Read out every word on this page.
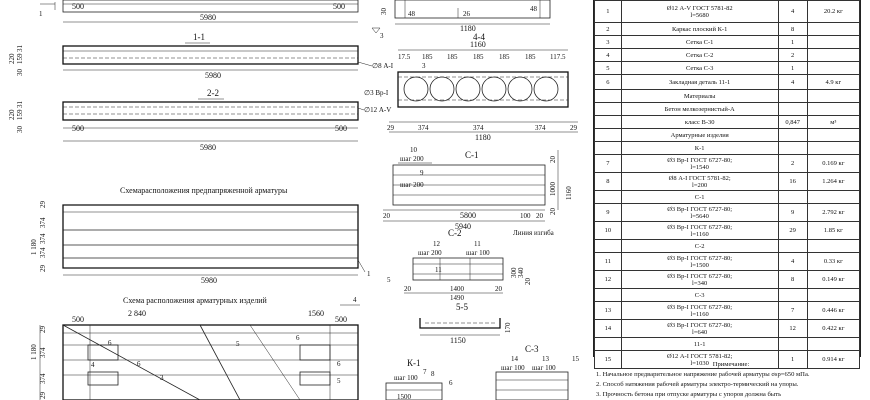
500	500
5980
1	48	26
48
30
1180
3
1-1
220
31
159
30	5980
∅8 А-I
2-2
220
31
159
30	500	500
5980
∅3 Вр-I
∅12 А-V
4-4
1160
17.5 185 185 185 185 185 117.5
3
29	374	374	374	29
1180
С-1
10
шаг 200
9
шаг 200
20	5800	100 20
5940
20
1000
20
1160
С-2
12	11
шаг 200	шаг 100
Линия изгиба
11
5
20	1400	20
1490
300 340
20
5-5
1150
170
К-1
8
7
шаг 100
6
1500
С-3
14	13
шаг 100 шаг 100
15
Схемарасположения предпапряженной арматуры
1
29
374
374
374
29
1 180
5980
Схема расположения арматурных изделий	4
2 840	1560
500	500
6
6
4
3
5
6
6
5
1 180
29
374
374
29
1	Ø12 А-V ГОСТ 5781-82
l=5680	4	20.2 кг
2	Каркас плоский К-1	8	
3	Сетка С-1	1	
4	Сетка С-2	2	
5	Сетка С-3	1	
6	Закладная деталь 11-1	4	4.9 кг
	Материалы		
	Бетон мелкозернистый-А		
	класс В-30	0,847	м³
	Арматурные изделия		
	К-1		
7	Ø3 Вр-I ГОСТ 6727-80;
l=1540	2	0.169 кг
8	Ø8 А-I ГОСТ 5781-82;
l=200	16	1.264 кг
	С-1		
9	Ø3 Вр-I ГОСТ 6727-80;
l=5640	9	2.792 кг
10	Ø3 Вр-I ГОСТ 6727-80;
l=1160	29	1.85 кг
	С-2		
11	Ø3 Вр-I ГОСТ 6727-80;
l=1500	4	0.33 кг
12	Ø3 Вр-I ГОСТ 6727-80;
l=340	8	0.149 кг
	С-3		
13	Ø3 Вр-I ГОСТ 6727-80;
l=1160	7	0.446 кг
14	Ø3 Вр-I ГОСТ 6727-80;
l=640	12	0.422 кг
	11-1		
15	Ø12 А-I ГОСТ 5781-82;
l=1030	1	0.914 кг
Примечание:
1. Начальное предварительное напряжение рабочей арматуры σsp=650 мПа.
2. Способ натяжения рабочей арматуры электро-термический на упоры.
3. Прочность бетона при отпуске арматуры с упоров должна быть
